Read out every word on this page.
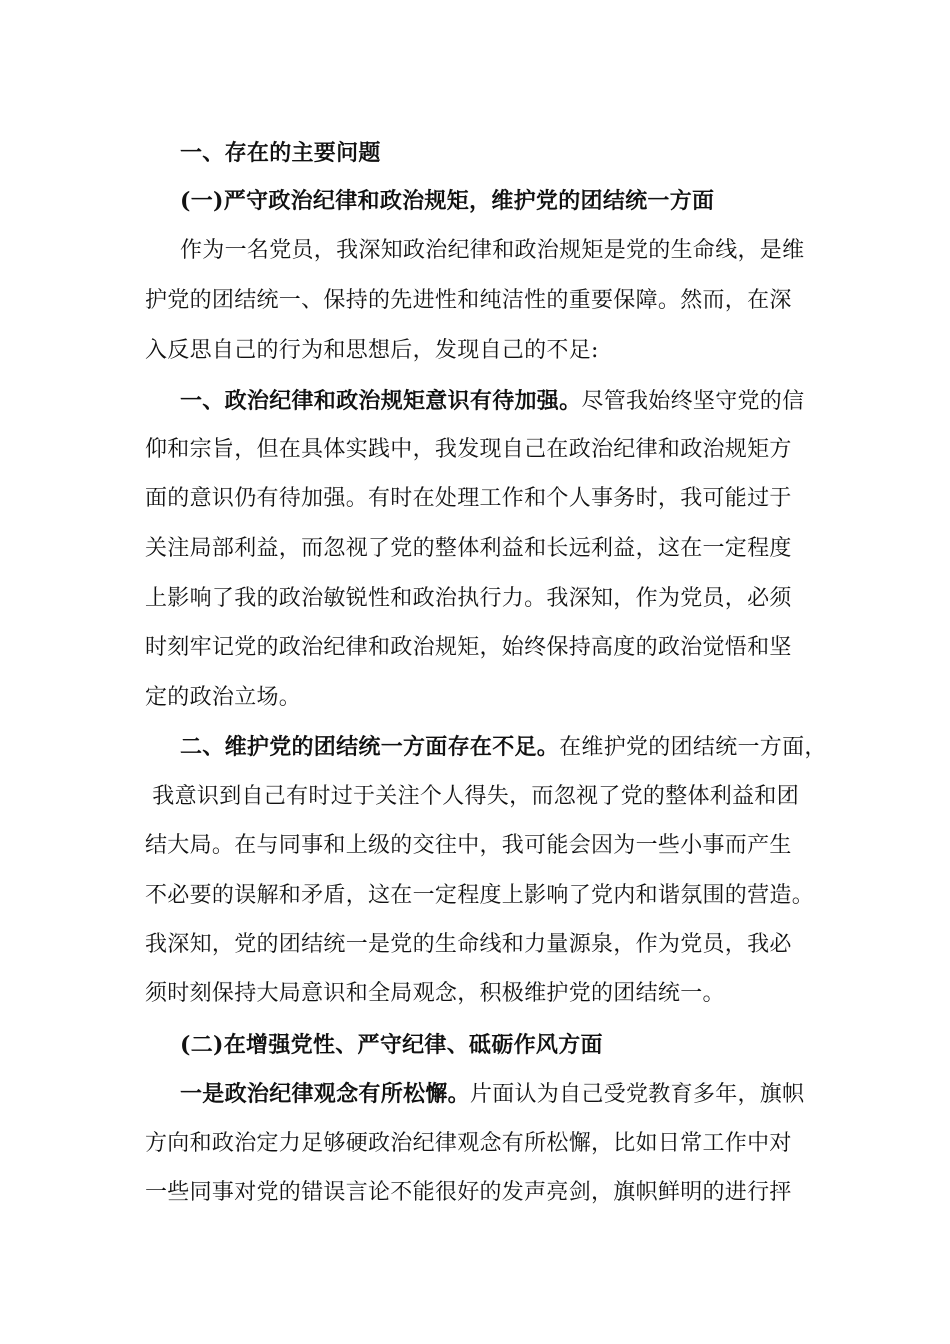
一、存在的主要问题
(一)严守政治纪律和政治规矩，维护党的团结统一方面
作为一名党员，我深知政治纪律和政治规矩是党的生命线，是维
护党的团结统一、保持的先进性和纯洁性的重要保障。然而，在深
入反思自己的行为和思想后，发现自己的不足:
一、政治纪律和政治规矩意识有待加强。尽管我始终坚守党的信
仰和宗旨，但在具体实践中，我发现自己在政治纪律和政治规矩方
面的意识仍有待加强。有时在处理工作和个人事务时，我可能过于
关注局部利益，而忽视了党的整体利益和长远利益，这在一定程度
上影响了我的政治敏锐性和政治执行力。我深知，作为党员，必须
时刻牢记党的政治纪律和政治规矩，始终保持高度的政治觉悟和坚
定的政治立场。
二、维护党的团结统一方面存在不足。在维护党的团结统一方面，
我意识到自己有时过于关注个人得失，而忽视了党的整体利益和团
结大局。在与同事和上级的交往中，我可能会因为一些小事而产生
不必要的误解和矛盾，这在一定程度上影响了党内和谐氛围的营造。
我深知，党的团结统一是党的生命线和力量源泉，作为党员，我必
须时刻保持大局意识和全局观念，积极维护党的团结统一。
(二)在增强党性、严守纪律、砥砺作风方面
一是政治纪律观念有所松懈。片面认为自己受党教育多年，旗帜
方向和政治定力足够硬政治纪律观念有所松懈，比如日常工作中对
一些同事对党的错误言论不能很好的发声亮剑，旗帜鲜明的进行抨
